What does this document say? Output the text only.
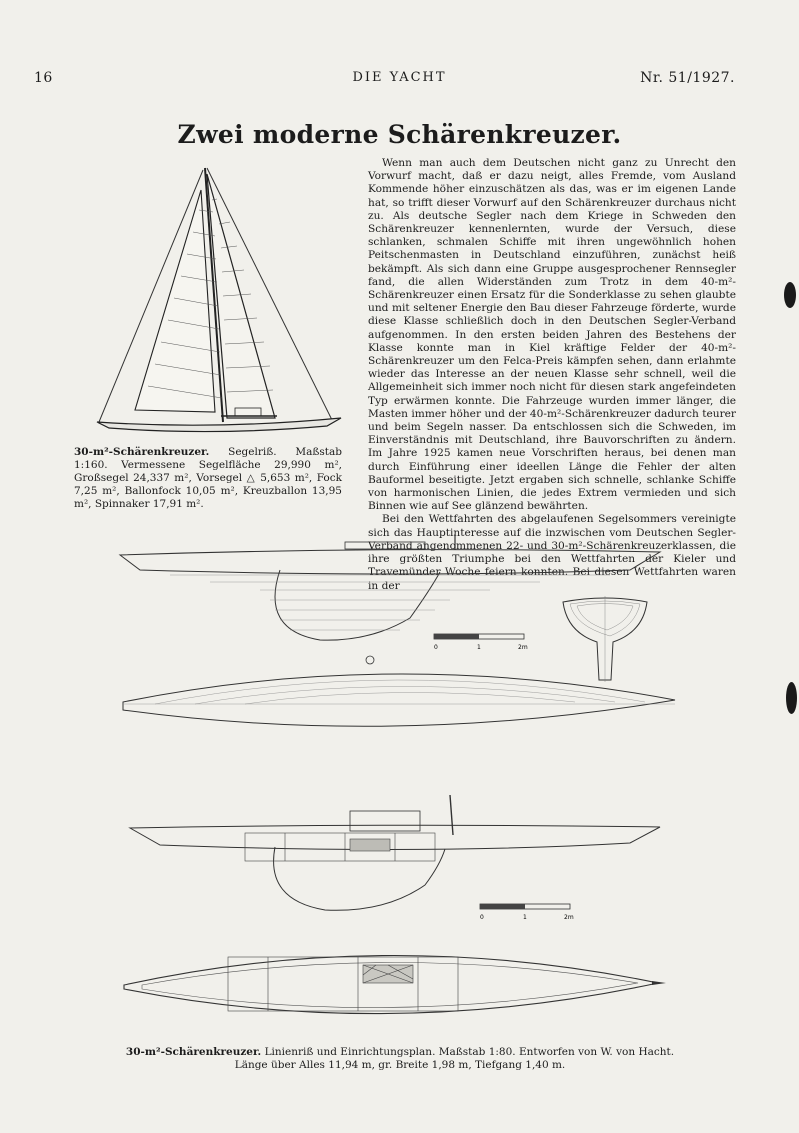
16	DIE YACHT	Nr. 51/1927.
Zwei moderne Schärenkreuzer.
30-m²-Schärenkreuzer. Segelriß. Maßstab 1:160. Vermessene Segelfläche 29,990 m², Großsegel 24,337 m², Vorsegel △ 5,653 m², Fock 7,25 m², Ballonfock 10,05 m², Kreuzballon 13,95 m², Spinnaker 17,91 m².

Wenn man auch dem Deutschen nicht ganz zu Unrecht den Vorwurf macht, daß er dazu neigt, alles Fremde, vom Ausland Kommende höher einzuschätzen als das, was er im eigenen Lande hat, so trifft dieser Vorwurf auf den Schärenkreuzer durchaus nicht zu. Als deutsche Segler nach dem Kriege in Schweden den Schärenkreuzer kennenlernten, wurde der Versuch, diese schlanken, schmalen Schiffe mit ihren ungewöhnlich hohen Peitschenmasten in Deutschland einzuführen, zunächst heiß bekämpft. Als sich dann eine Gruppe ausgesprochener Rennsegler fand, die allen Widerständen zum Trotz in dem 40-m²-Schärenkreuzer einen Ersatz für die Sonderklasse zu sehen glaubte und mit seltener Energie den Bau dieser Fahrzeuge förderte, wurde diese Klasse schließlich doch in den Deutschen Segler-Verband aufgenommen. In den ersten beiden Jahren des Bestehens der Klasse konnte man in Kiel kräftige Felder der 40-m²-Schärenkreuzer um den Felca-Preis kämpfen sehen, dann erlahmte wieder das Interesse an der neuen Klasse sehr schnell, weil die Allgemeinheit sich immer noch nicht für diesen stark angefeindeten Typ erwärmen konnte. Die Fahrzeuge wurden immer länger, die Masten immer höher und der 40-m²-Schärenkreuzer dadurch teurer und beim Segeln nasser. Da entschlossen sich die Schweden, im Einverständnis mit Deutschland, ihre Bauvorschriften zu ändern. Im Jahre 1925 kamen neue Vorschriften heraus, bei denen man durch Einführung einer ideellen Länge die Fehler der alten Bauformel beseitigte. Jetzt ergaben sich schnelle, schlanke Schiffe von harmonischen Linien, die jedes Extrem vermieden und sich Binnen wie auf See glänzend bewährten.

Bei den Wettfahrten des abgelaufenen Segelsommers vereinigte sich das Hauptinteresse auf die inzwischen vom Deutschen Segler-Verband angenommenen 22- und 30-m²-Schärenkreuzerklassen, die ihre größten Triumphe bei den Wettfahrten der Kieler und Travemünder Woche feiern konnten. Bei diesen Wettfahrten waren in der

0	1	2m
0	1	2m
30-m²-Schärenkreuzer. Linienriß und Einrichtungsplan. Maßstab 1:80. Entworfen von W. von Hacht.
Länge über Alles 11,94 m, gr. Breite 1,98 m, Tiefgang 1,40 m.
